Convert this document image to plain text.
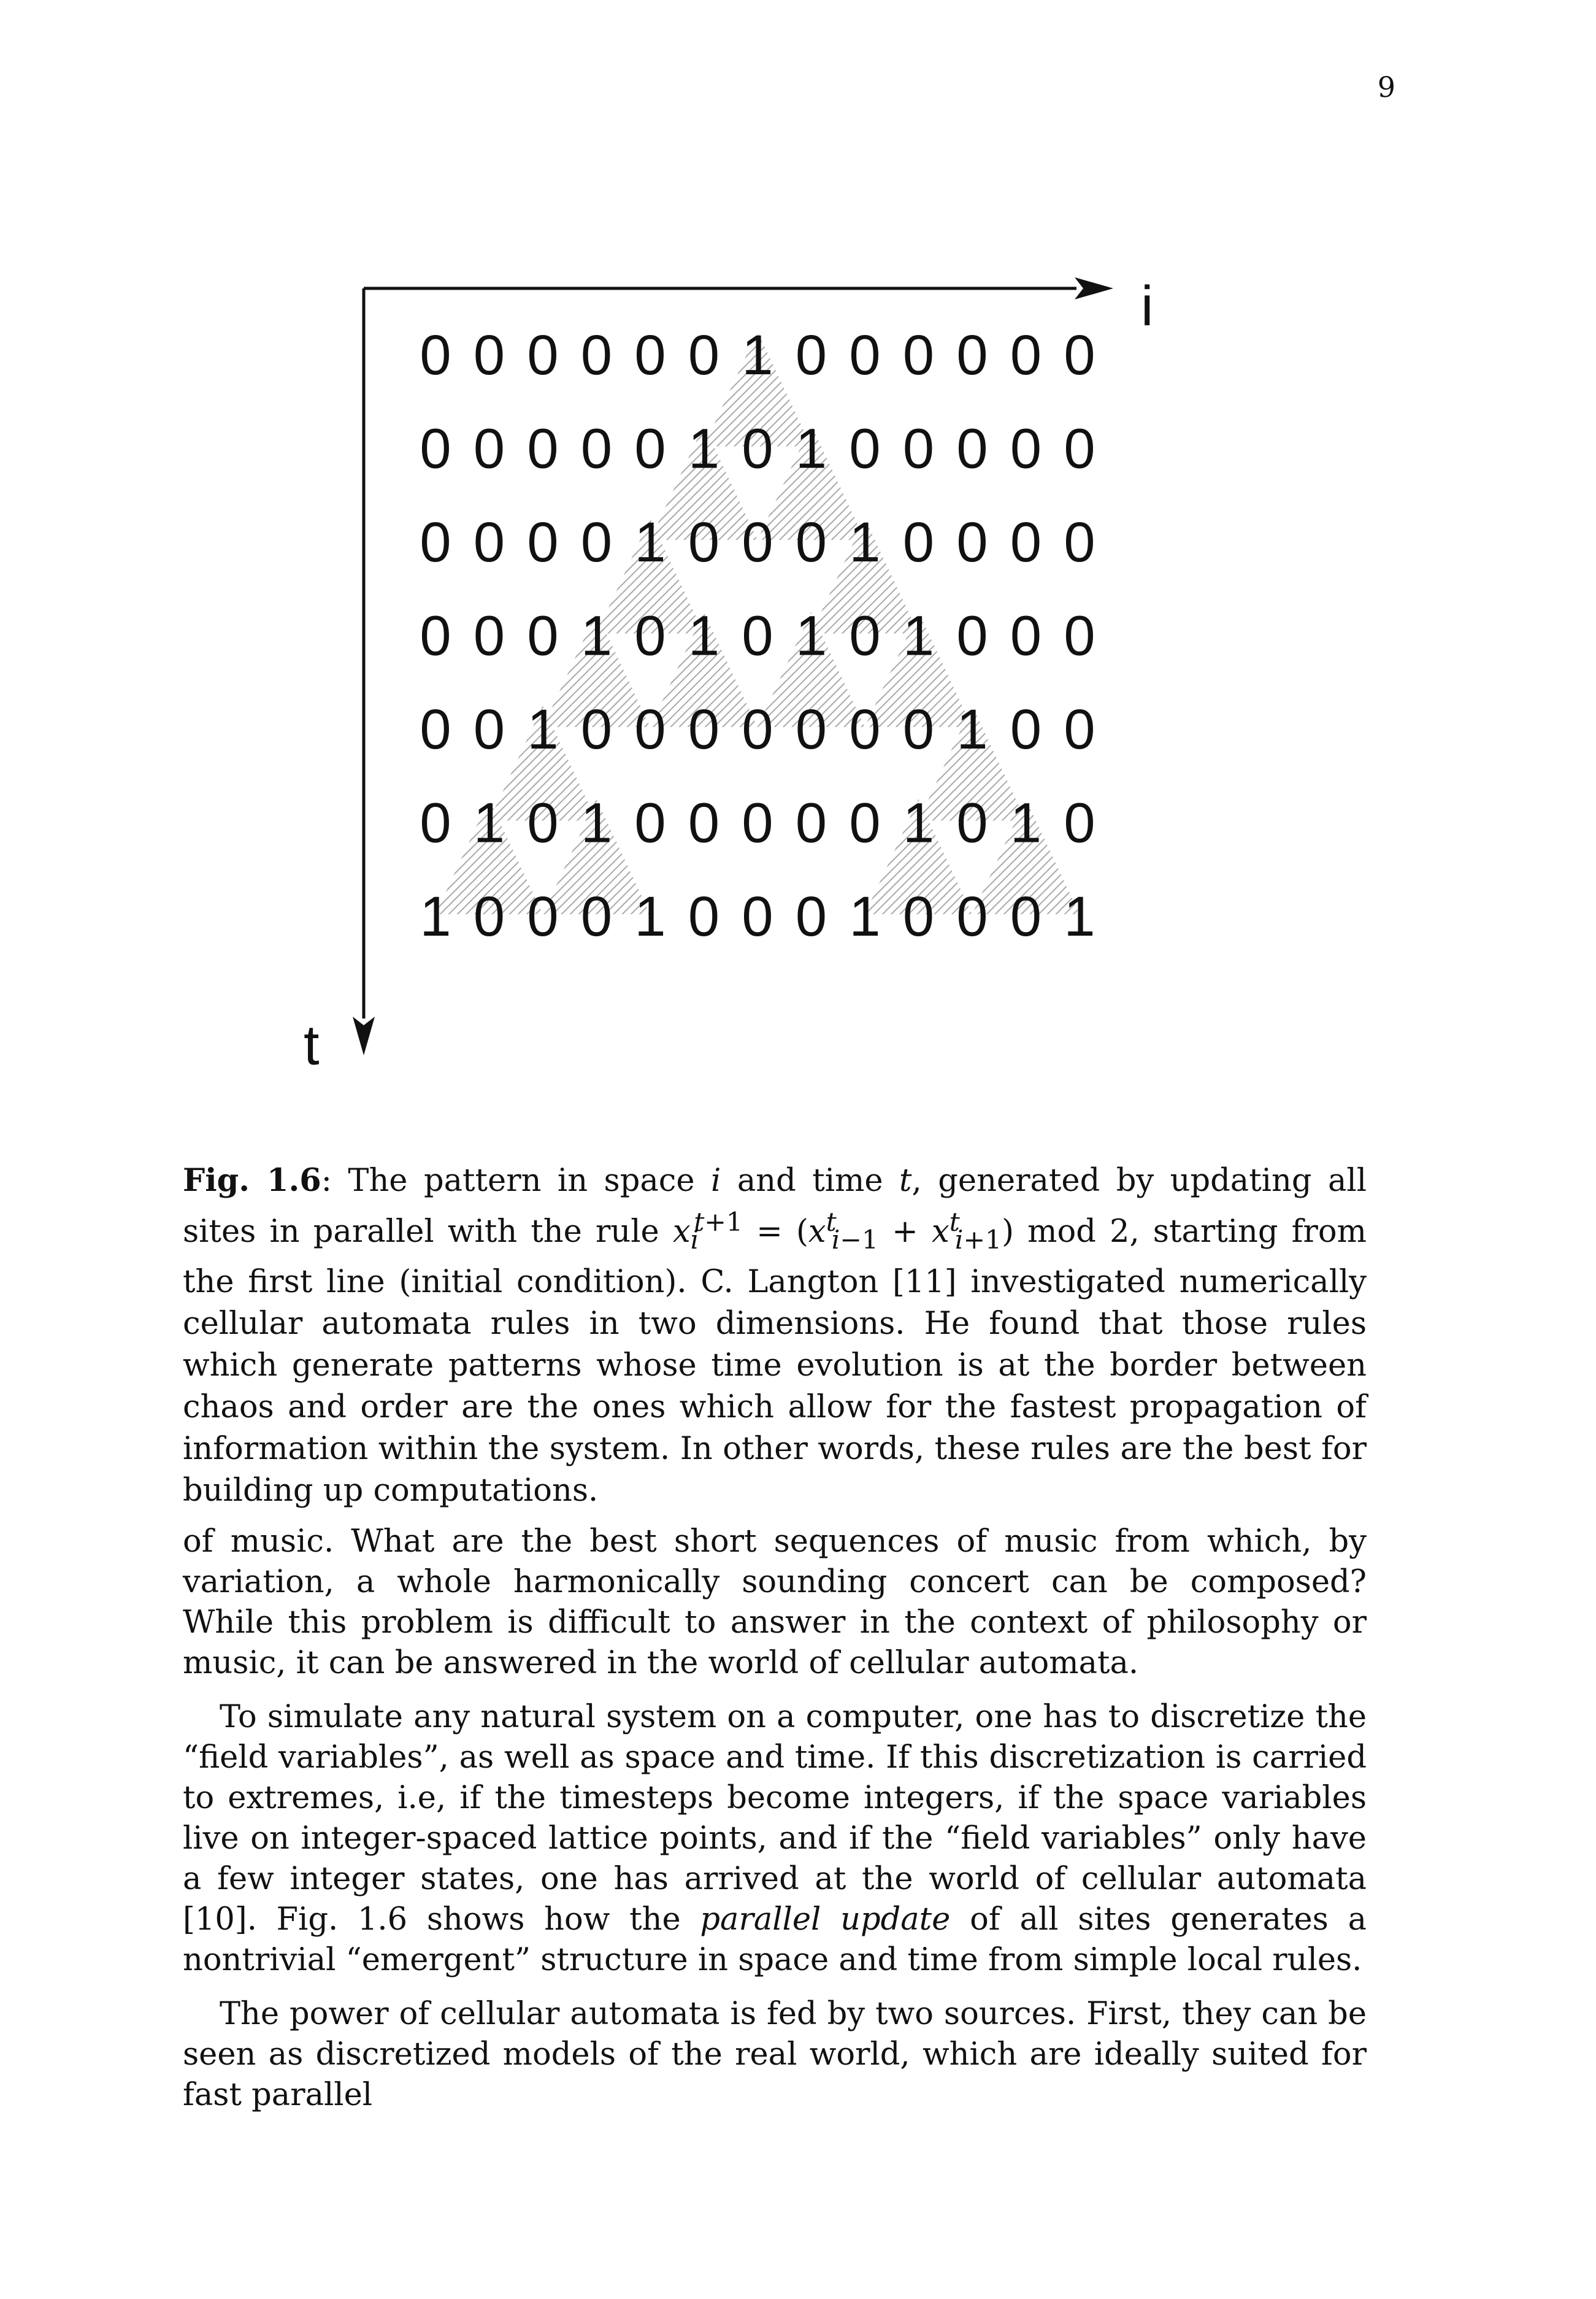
9
i
t
0 0 0 0 0 0 1 0 0 0 0 0 0
0 0 0 0 0 1 0 1 0 0 0 0 0
0 0 0 0 1 0 0 0 1 0 0 0 0
0 0 0 1 0 1 0 1 0 1 0 0 0
0 0 1 0 0 0 0 0 0 0 1 0 0
0 1 0 1 0 0 0 0 0 1 0 1 0
1 0 0 0 1 0 0 0 1 0 0 0 1
Fig. 1.6: The pattern in space i and time t, generated by updating all sites in parallel with the rule $x_i^{t+1} = (x^t_{i-1} + x^t_{i+1})$ mod 2, starting from the first line (initial condition). C. Langton [11] investigated numerically cellular automata rules in two dimensions. He found that those rules which generate patterns whose time evolution is at the border between chaos and order are the ones which allow for the fastest propagation of information within the system. In other words, these rules are the best for building up computations.

of music. What are the best short sequences of music from which, by variation, a whole harmonically sounding concert can be composed? While this problem is difficult to answer in the context of philosophy or music, it can be answered in the world of cellular automata.

To simulate any natural system on a computer, one has to discretize the “field variables”, as well as space and time. If this discretization is carried to extremes, i.e, if the timesteps become integers, if the space variables live on integer-spaced lattice points, and if the “field variables” only have a few integer states, one has arrived at the world of cellular automata [10]. Fig. 1.6 shows how the parallel update of all sites generates a nontrivial “emergent” structure in space and time from simple local rules.

The power of cellular automata is fed by two sources. First, they can be seen as discretized models of the real world, which are ideally suited for fast parallel
